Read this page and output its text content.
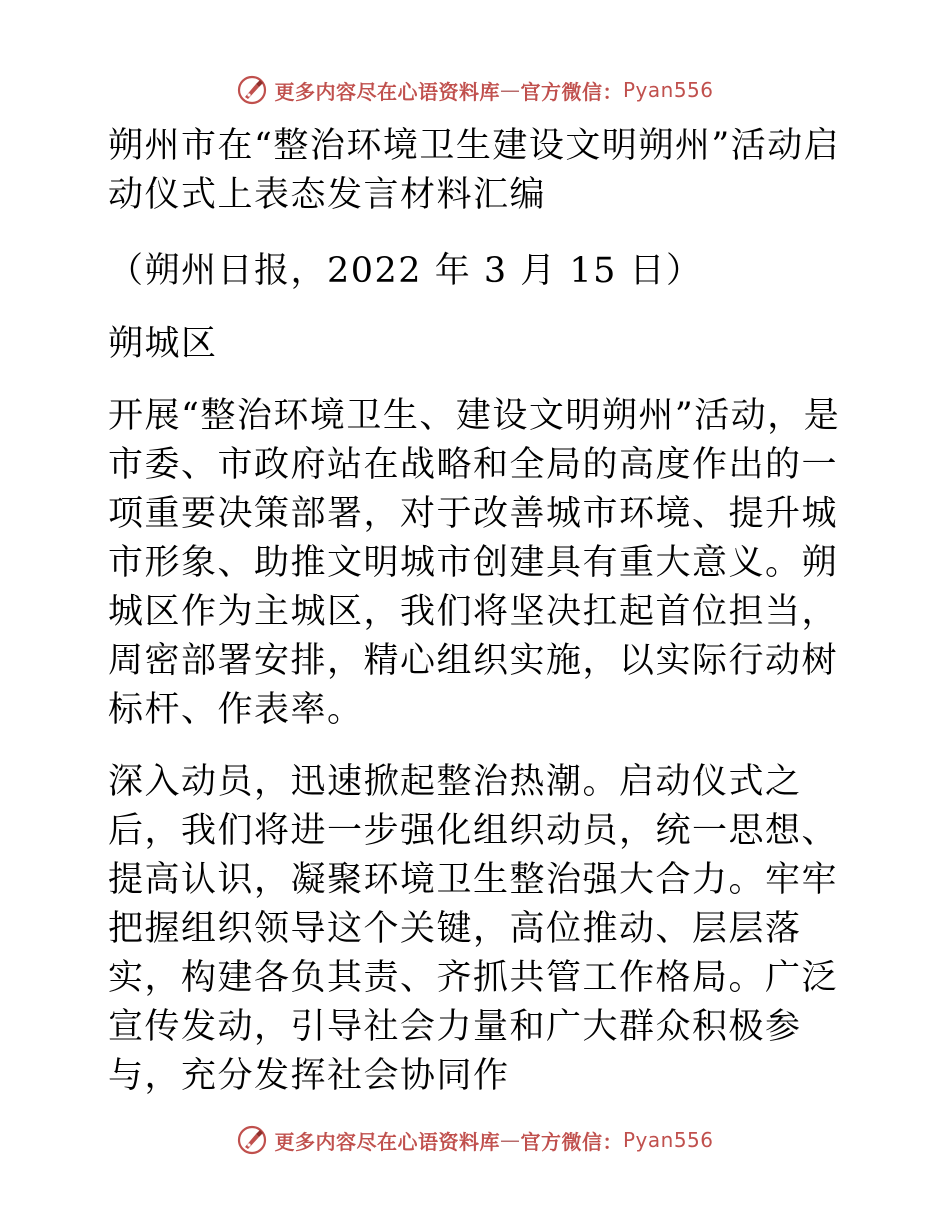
更多内容尽在心语资料库 — 官方微信： Pyan556

朔州市在“整治环境卫生建设文明朔州”活动启动仪式上表态发言材料汇编

（朔州日报，2022 年 3 月 15 日）

朔城区

开展“整治环境卫生、建设文明朔州”活动，是市委、市政府站在战略和全局的高度作出的一项重要决策部署，对于改善城市环境、提升城市形象、助推文明城市创建具有重大意义。朔城区作为主城区，我们将坚决扛起首位担当， 周密部署安排，精心组织实施，以实际行动树标杆、作表率。

深入动员，迅速掀起整治热潮。启动仪式之后，我们将进一步强化组织动员，统一思想、提高认识，凝聚环境卫生整治强大合力。牢牢把握组织领导这个关键，高位推动、层层落实，构建各负其责、齐抓共管工作格局。广泛宣传发动，引导社会力量和广大群众积极参与，充分发挥社会协同作

更多内容尽在心语资料库 — 官方微信： Pyan556
